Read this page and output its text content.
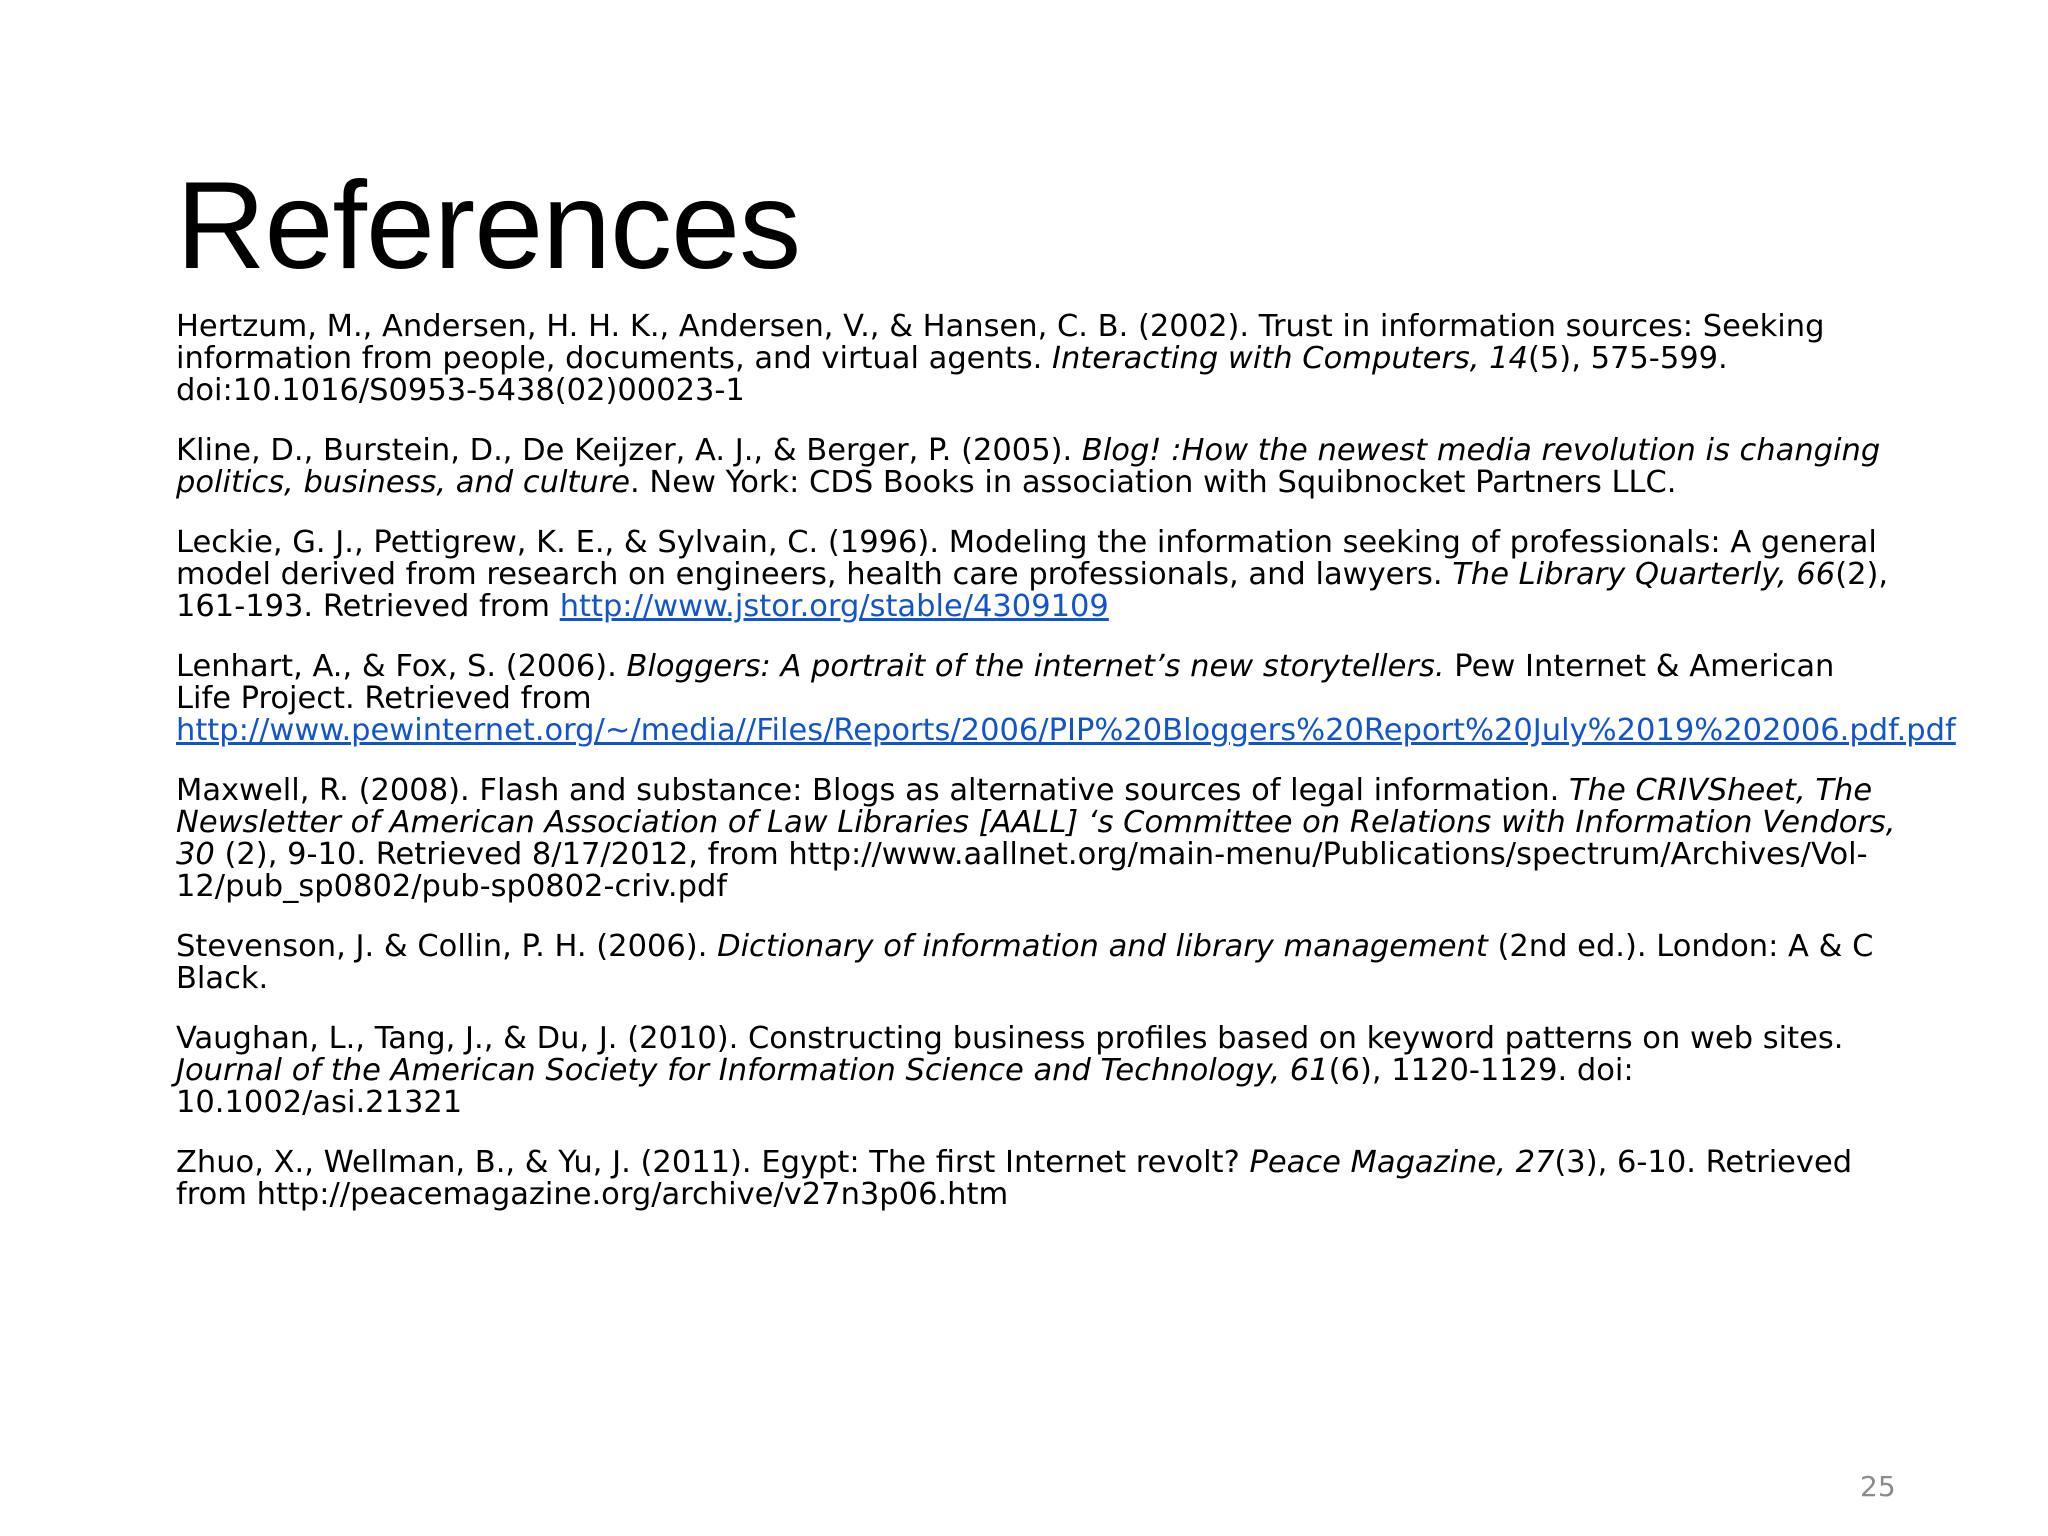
References

Hertzum, M., Andersen, H. H. K., Andersen, V., & Hansen, C. B. (2002). Trust in information sources: Seeking information from people, documents, and virtual agents. Interacting with Computers, 14(5), 575-599. doi:10.1016/S0953-5438(02)00023-1

Kline, D., Burstein, D., De Keijzer, A. J., & Berger, P. (2005). Blog! :How the newest media revolution is changing politics, business, and culture. New York: CDS Books in association with Squibnocket Partners LLC.

Leckie, G. J., Pettigrew, K. E., & Sylvain, C. (1996). Modeling the information seeking of professionals: A general model derived from research on engineers, health care professionals, and lawyers. The Library Quarterly, 66(2), 161-193. Retrieved from http://www.jstor.org/stable/4309109

Lenhart, A., & Fox, S. (2006). Bloggers: A portrait of the internet’s new storytellers. Pew Internet & American Life Project. Retrieved from http://www.pewinternet.org/~/media//Files/Reports/2006/PIP%20Bloggers%20Report%20July%2019%202006.pdf.pdf

Maxwell, R. (2008). Flash and substance: Blogs as alternative sources of legal information. The CRIVSheet, The Newsletter of American Association of Law Libraries [AALL] ‘s Committee on Relations with Information Vendors, 30 (2), 9-10. Retrieved 8/17/2012, from http://www.aallnet.org/main-menu/Publications/spectrum/Archives/Vol-12/pub_sp0802/pub-sp0802-criv.pdf

Stevenson, J. & Collin, P. H. (2006). Dictionary of information and library management (2nd ed.). London: A & C Black.

Vaughan, L., Tang, J., & Du, J. (2010). Constructing business profiles based on keyword patterns on web sites. Journal of the American Society for Information Science and Technology, 61(6), 1120-1129. doi: 10.1002/asi.21321

Zhuo, X., Wellman, B., & Yu, J. (2011). Egypt: The first Internet revolt? Peace Magazine, 27(3), 6-10. Retrieved from http://peacemagazine.org/archive/v27n3p06.htm

25
